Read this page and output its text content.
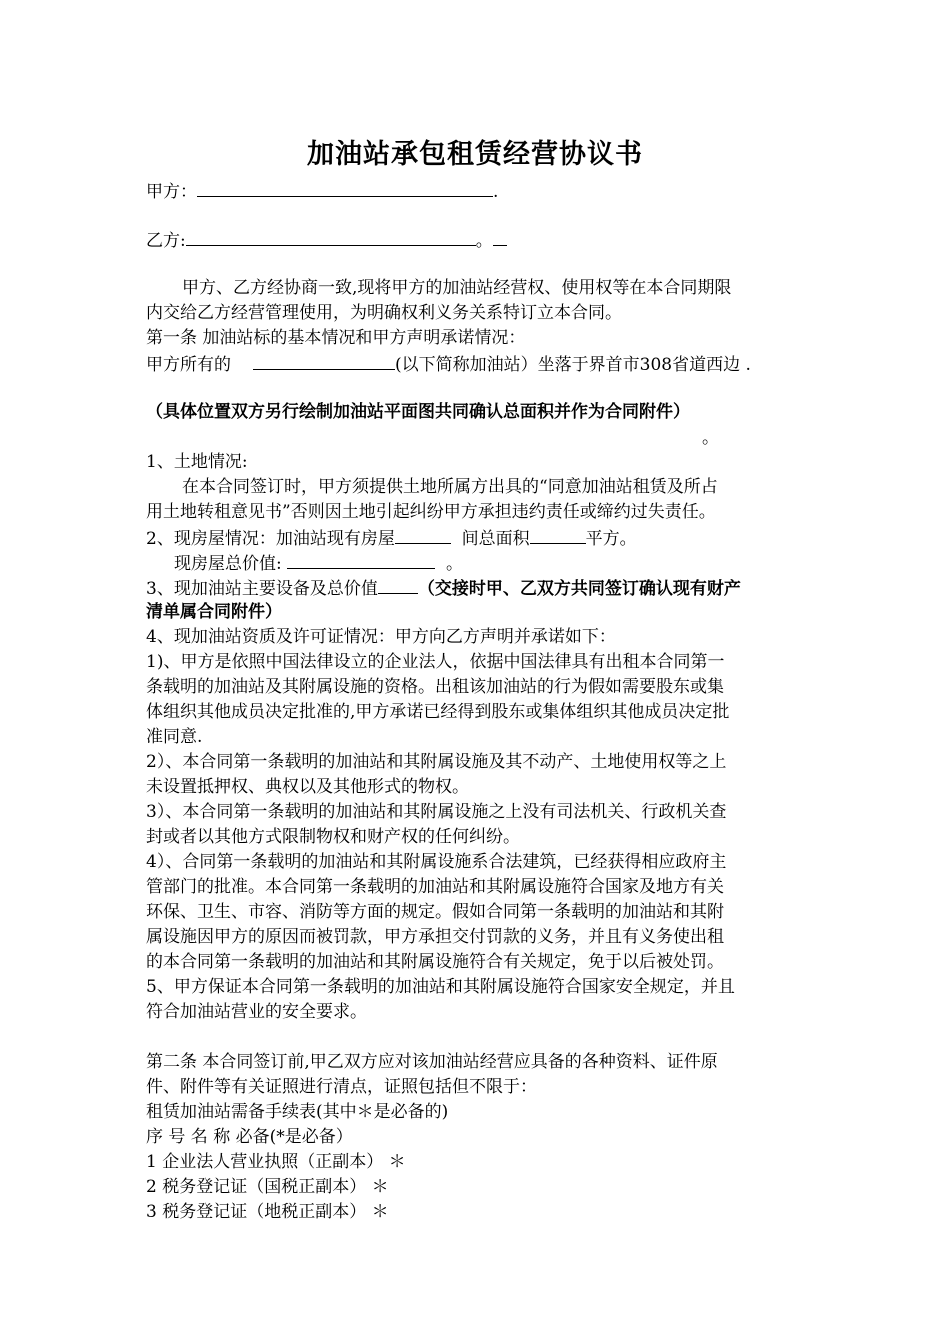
加油站承包租赁经营协议书
甲方：	.
乙方:	。
甲方、乙方经协商一致,现将甲方的加油站经营权、使用权等在本合同期限
内交给乙方经营管理使用，为明确权利义务关系特订立本合同。
第一条 加油站标的基本情况和甲方声明承诺情况：
甲方所有的	(以下简称加油站）坐落于界首市308省道西边 .
（具体位置双方另行绘制加油站平面图共同确认总面积并作为合同附件）
。
1、土地情况:
在本合同签订时，甲方须提供土地所属方出具的“同意加油站租赁及所占
用土地转租意见书”否则因土地引起纠纷甲方承担违约责任或缔约过失责任。
2、现房屋情况：加油站现有房屋	间总面积	平方。
现房屋总价值:	。
3、现加油站主要设备及总价值 （交接时甲、乙双方共同签订确认现有财产
清单属合同附件）
4、现加油站资质及许可证情况：甲方向乙方声明并承诺如下：
1)、甲方是依照中国法律设立的企业法人，依据中国法律具有出租本合同第一
条载明的加油站及其附属设施的资格。出租该加油站的行为假如需要股东或集
体组织其他成员决定批准的,甲方承诺已经得到股东或集体组织其他成员决定批
准同意.
2）、本合同第一条载明的加油站和其附属设施及其不动产、土地使用权等之上
未设置抵押权、典权以及其他形式的物权。
3）、本合同第一条载明的加油站和其附属设施之上没有司法机关、行政机关查
封或者以其他方式限制物权和财产权的任何纠纷。
4）、合同第一条载明的加油站和其附属设施系合法建筑，已经获得相应政府主
管部门的批准。本合同第一条载明的加油站和其附属设施符合国家及地方有关
环保、卫生、市容、消防等方面的规定。假如合同第一条载明的加油站和其附
属设施因甲方的原因而被罚款，甲方承担交付罚款的义务，并且有义务使出租
的本合同第一条载明的加油站和其附属设施符合有关规定，免于以后被处罚。
5、甲方保证本合同第一条载明的加油站和其附属设施符合国家安全规定，并且
符合加油站营业的安全要求。
第二条 本合同签订前,甲乙双方应对该加油站经营应具备的各种资料、证件原
件、附件等有关证照进行清点，证照包括但不限于：
租赁加油站需备手续表(其中＊是必备的)
序 号 名 称 必备(*是必备）
1 企业法人营业执照（正副本） ＊
2 税务登记证（国税正副本） ＊
3 税务登记证（地税正副本） ＊
